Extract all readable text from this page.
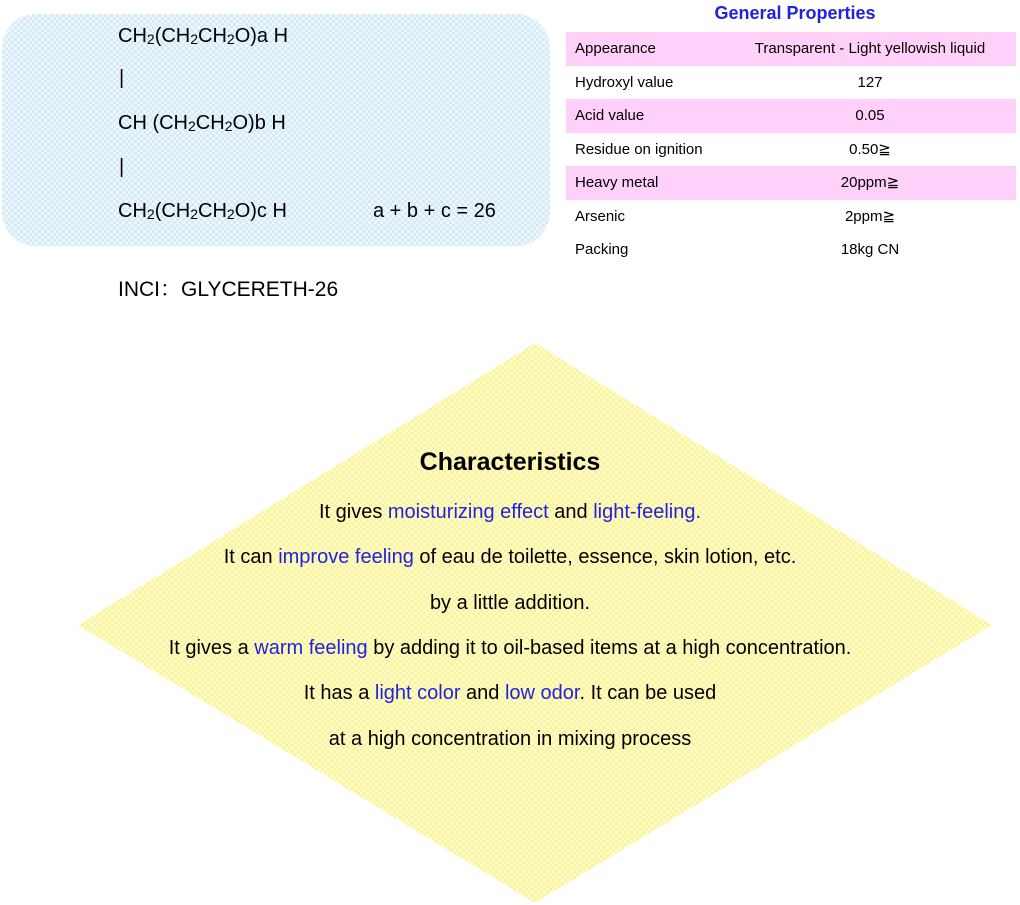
$CH_2(CH_2CH_2O)a$ H
|
CH $(CH_2CH_2O)b$ H
|
$CH_2(CH_2CH_2O)c$ H	a + b + c = 26
INCI：GLYCERETH-26
General Properties
Appearance	Transparent - Light yellowish liquid
Hydroxyl value	127
Acid value	0.05
Residue on ignition	0.50≧
Heavy metal	20ppm≧
Arsenic	2ppm≧
Packing	18kg CN
Characteristics
It gives moisturizing effect and light-feeling.
It can improve feeling of eau de toilette, essence, skin lotion, etc.
by a little addition.
It gives a warm feeling by adding it to oil-based items at a high concentration.
It has a light color and low odor. It can be used
at a high concentration in mixing process
